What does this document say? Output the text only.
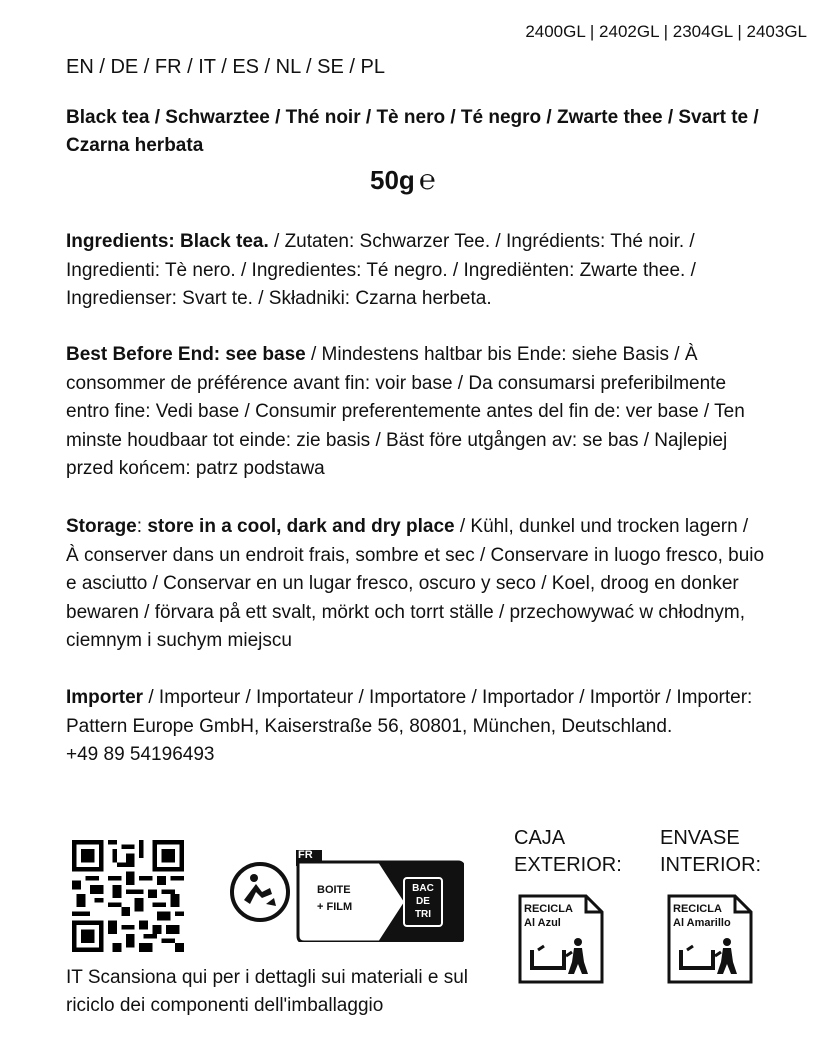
2400GL | 2402GL | 2304GL | 2403GL
EN / DE / FR / IT / ES / NL / SE / PL
Black tea / Schwarztee / Thé noir / Tè nero / Té negro / Zwarte thee / Svart te / Czarna herbata
50g ℮
Ingredients: Black tea. / Zutaten: Schwarzer Tee. / Ingrédients: Thé noir. / Ingredienti: Tè nero. / Ingredientes: Té negro. / Ingrediënten: Zwarte thee. / Ingredienser: Svart te. / Składniki: Czarna herbeta.
Best Before End: see base / Mindestens haltbar bis Ende: siehe Basis / À consommer de préférence avant fin: voir base / Da consumarsi preferibilmente entro fine: Vedi base / Consumir preferentemente antes del fin de: ver base / Ten minste houdbaar tot einde: zie basis / Bäst före utgången av: se bas / Najlepiej przed końcem: patrz podstawa
Storage: store in a cool, dark and dry place / Kühl, dunkel und trocken lagern / À conserver dans un endroit frais, sombre et sec / Conservare in luogo fresco, buio e asciutto / Conservar en un lugar fresco, oscuro y seco / Koel, droog en donker bewaren / förvara på ett svalt, mörkt och torrt ställe / przechowywać w chłodnym, ciemnym i suchym miejscu
Importer / Importeur / Importateur / Importatore / Importador / Importör / Importer:
Pattern Europe GmbH, Kaiserstraße 56, 80801, München, Deutschland.
+49 89 54196493
FR
BOITE
+ FILM
BAC
DE
TRI
IT Scansiona qui per i dettagli sui materiali e sul riciclo dei componenti dell'imballaggio
CAJA
EXTERIOR:
ENVASE
INTERIOR:
RECICLA
Al Azul
RECICLA
Al Amarillo
